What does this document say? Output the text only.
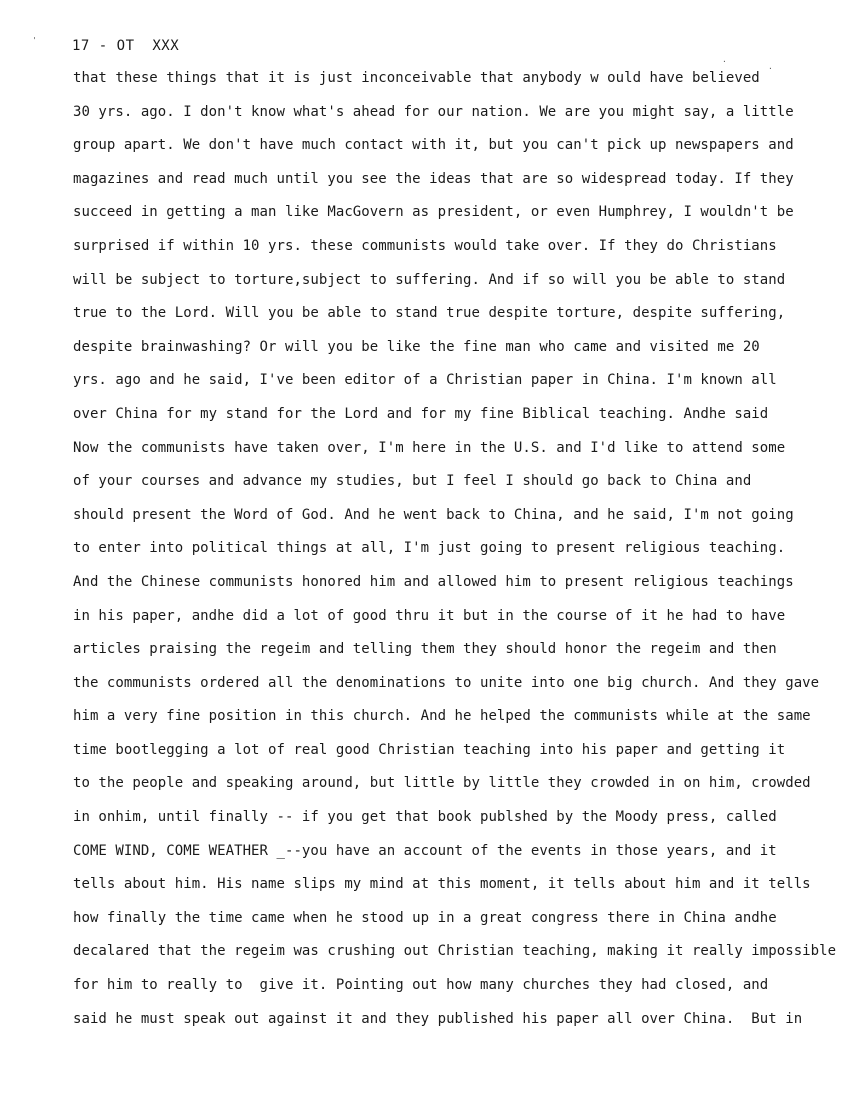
17 - OT  XXX
'
.
.
that these things that it is just inconceivable that anybody w ould have believed
30 yrs. ago. I don't know what's ahead for our nation. We are you might say, a little
group apart. We don't have much contact with it, but you can't pick up newspapers and
magazines and read much until you see the ideas that are so widespread today. If they
succeed in getting a man like MacGovern as president, or even Humphrey, I wouldn't be
surprised if within 10 yrs. these communists would take over. If they do Christians
will be subject to torture,subject to suffering. And if so will you be able to stand
true to the Lord. Will you be able to stand true despite torture, despite suffering,
despite brainwashing? Or will you be like the fine man who came and visited me 20
yrs. ago and he said, I've been editor of a Christian paper in China. I'm known all
over China for my stand for the Lord and for my fine Biblical teaching. Andhe said
Now the communists have taken over, I'm here in the U.S. and I'd like to attend some
of your courses and advance my studies, but I feel I should go back to China and
should present the Word of God. And he went back to China, and he said, I'm not going
to enter into political things at all, I'm just going to present religious teaching.
And the Chinese communists honored him and allowed him to present religious teachings
in his paper, andhe did a lot of good thru it but in the course of it he had to have
articles praising the regeim and telling them they should honor the regeim and then
the communists ordered all the denominations to unite into one big church. And they gave
him a very fine position in this church. And he helped the communists while at the same
time bootlegging a lot of real good Christian teaching into his paper and getting it
to the people and speaking around, but little by little they crowded in on him, crowded
in onhim, until finally -- if you get that book publshed by the Moody press, called
COME WIND, COME WEATHER _--you have an account of the events in those years, and it
tells about him. His name slips my mind at this moment, it tells about him and it tells
how finally the time came when he stood up in a great congress there in China andhe
decalared that the regeim was crushing out Christian teaching, making it really impossible
for him to really to  give it. Pointing out how many churches they had closed, and
said he must speak out against it and they published his paper all over China.  But in
